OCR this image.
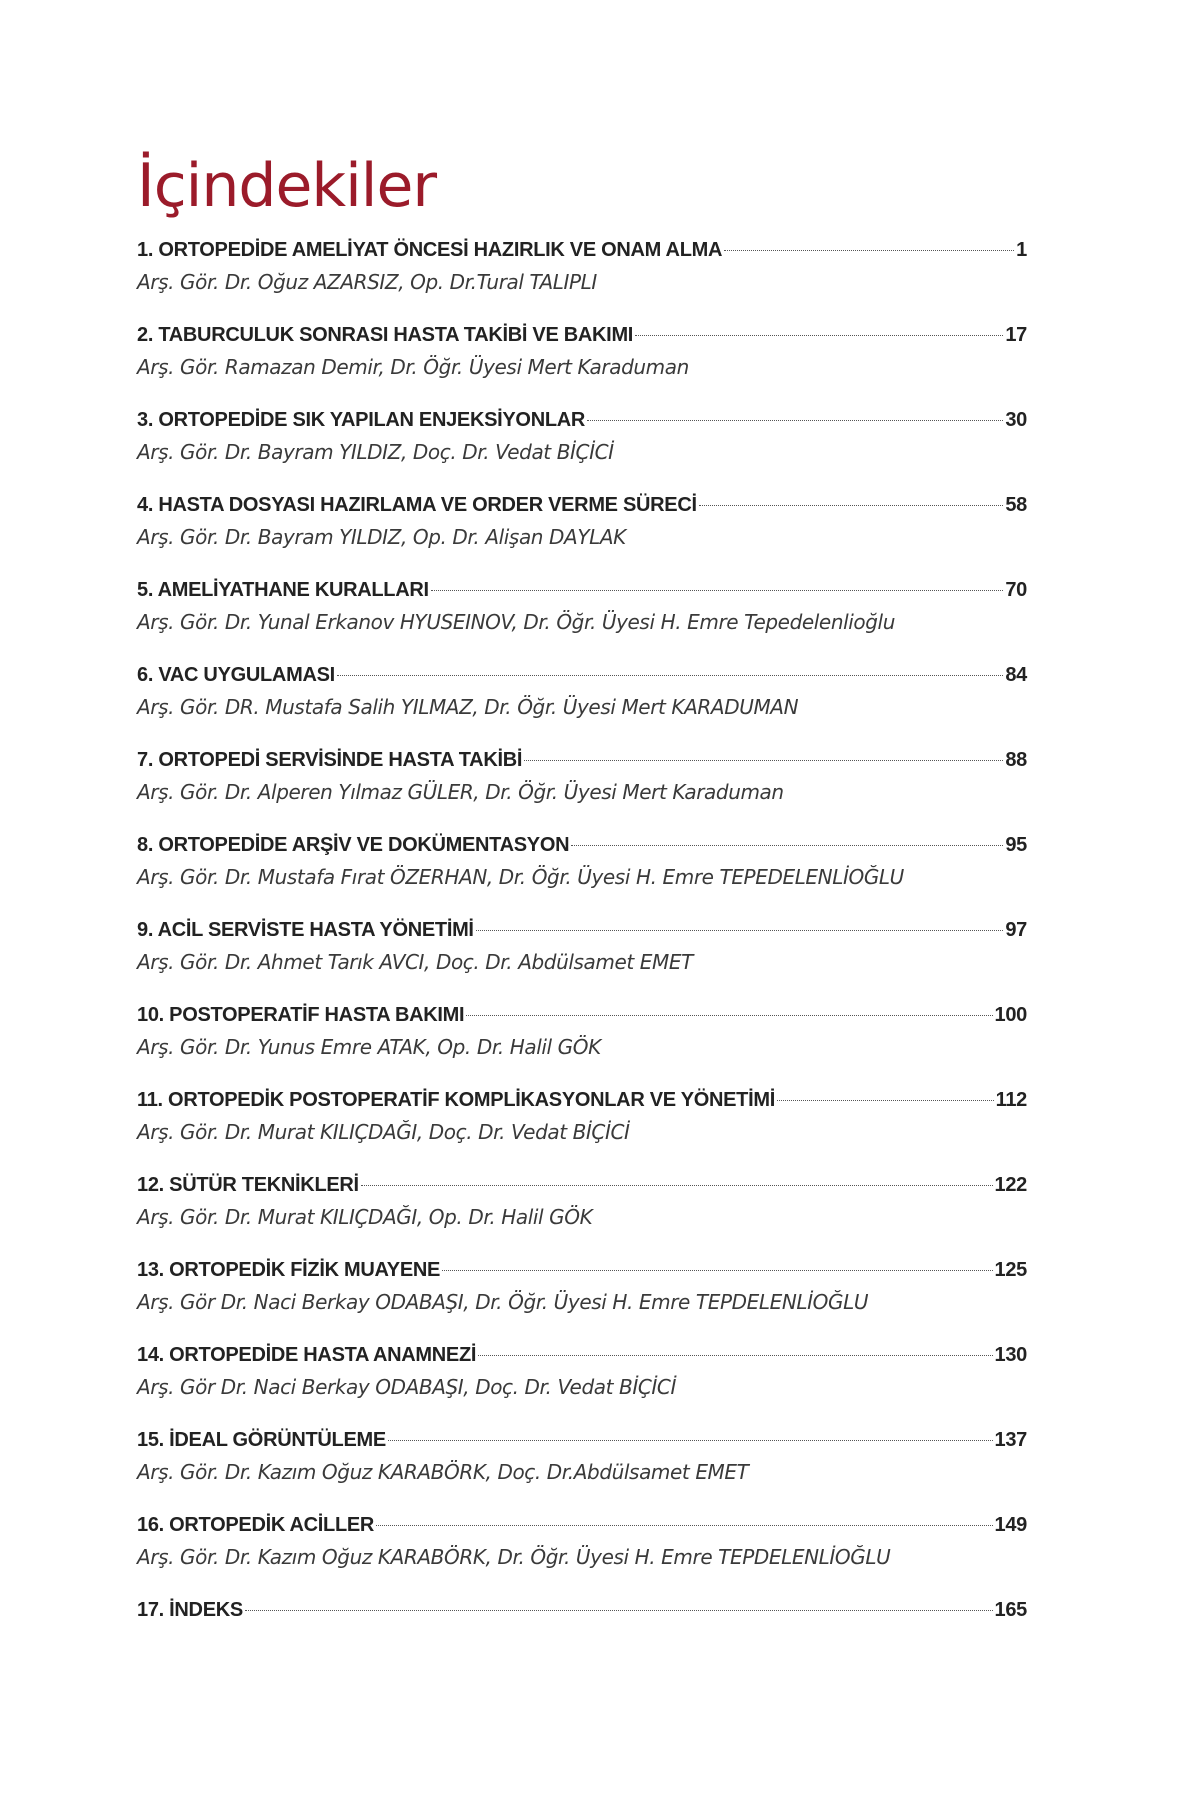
İçindekiler
1. ORTOPEDİDE AMELİYAT ÖNCESİ HAZIRLIK VE ONAM ALMA	1
Arş. Gör. Dr. Oğuz AZARSIZ, Op. Dr.Tural TALIPLI
2. TABURCULUK SONRASI HASTA TAKİBİ VE BAKIMI	17
Arş. Gör. Ramazan Demir, Dr. Öğr. Üyesi Mert Karaduman
3. ORTOPEDİDE SIK YAPILAN ENJEKSİYONLAR	30
Arş. Gör. Dr. Bayram YILDIZ, Doç. Dr. Vedat BİÇİCİ
4. HASTA DOSYASI HAZIRLAMA VE ORDER VERME SÜRECİ	58
Arş. Gör. Dr. Bayram YILDIZ, Op. Dr. Alişan DAYLAK
5. AMELİYATHANE KURALLARI	70
Arş. Gör. Dr. Yunal Erkanov HYUSEINOV, Dr. Öğr. Üyesi H. Emre Tepedelenlioğlu
6. VAC UYGULAMASI	84
Arş. Gör. DR. Mustafa Salih YILMAZ, Dr. Öğr. Üyesi Mert KARADUMAN
7. ORTOPEDİ SERVİSİNDE HASTA TAKİBİ	88
Arş. Gör. Dr. Alperen Yılmaz GÜLER, Dr. Öğr. Üyesi Mert Karaduman
8. ORTOPEDİDE ARŞİV VE DOKÜMENTASYON	95
Arş. Gör. Dr. Mustafa Fırat ÖZERHAN, Dr. Öğr. Üyesi H. Emre TEPEDELENLİOĞLU
9. ACİL SERVİSTE HASTA YÖNETİMİ	97
Arş. Gör. Dr. Ahmet Tarık AVCI, Doç. Dr. Abdülsamet EMET
10. POSTOPERATİF HASTA BAKIMI	100
Arş. Gör. Dr. Yunus Emre ATAK, Op. Dr. Halil GÖK
11. ORTOPEDİK POSTOPERATİF KOMPLİKASYONLAR VE YÖNETİMİ	112
Arş. Gör. Dr. Murat KILIÇDAĞI, Doç. Dr. Vedat BİÇİCİ
12. SÜTÜR TEKNİKLERİ	122
Arş. Gör. Dr. Murat KILIÇDAĞI, Op. Dr. Halil GÖK
13. ORTOPEDİK FİZİK MUAYENE	125
Arş. Gör Dr. Naci Berkay ODABAŞI, Dr. Öğr. Üyesi H. Emre TEPDELENLİOĞLU
14. ORTOPEDİDE HASTA ANAMNEZİ	130
Arş. Gör Dr. Naci Berkay ODABAŞI, Doç. Dr. Vedat BİÇİCİ
15. İDEAL GÖRÜNTÜLEME	137
Arş. Gör. Dr. Kazım Oğuz KARABÖRK, Doç. Dr.Abdülsamet EMET
16. ORTOPEDİK ACİLLER	149
Arş. Gör. Dr. Kazım Oğuz KARABÖRK, Dr. Öğr. Üyesi H. Emre TEPDELENLİOĞLU
17. İNDEKS	165
